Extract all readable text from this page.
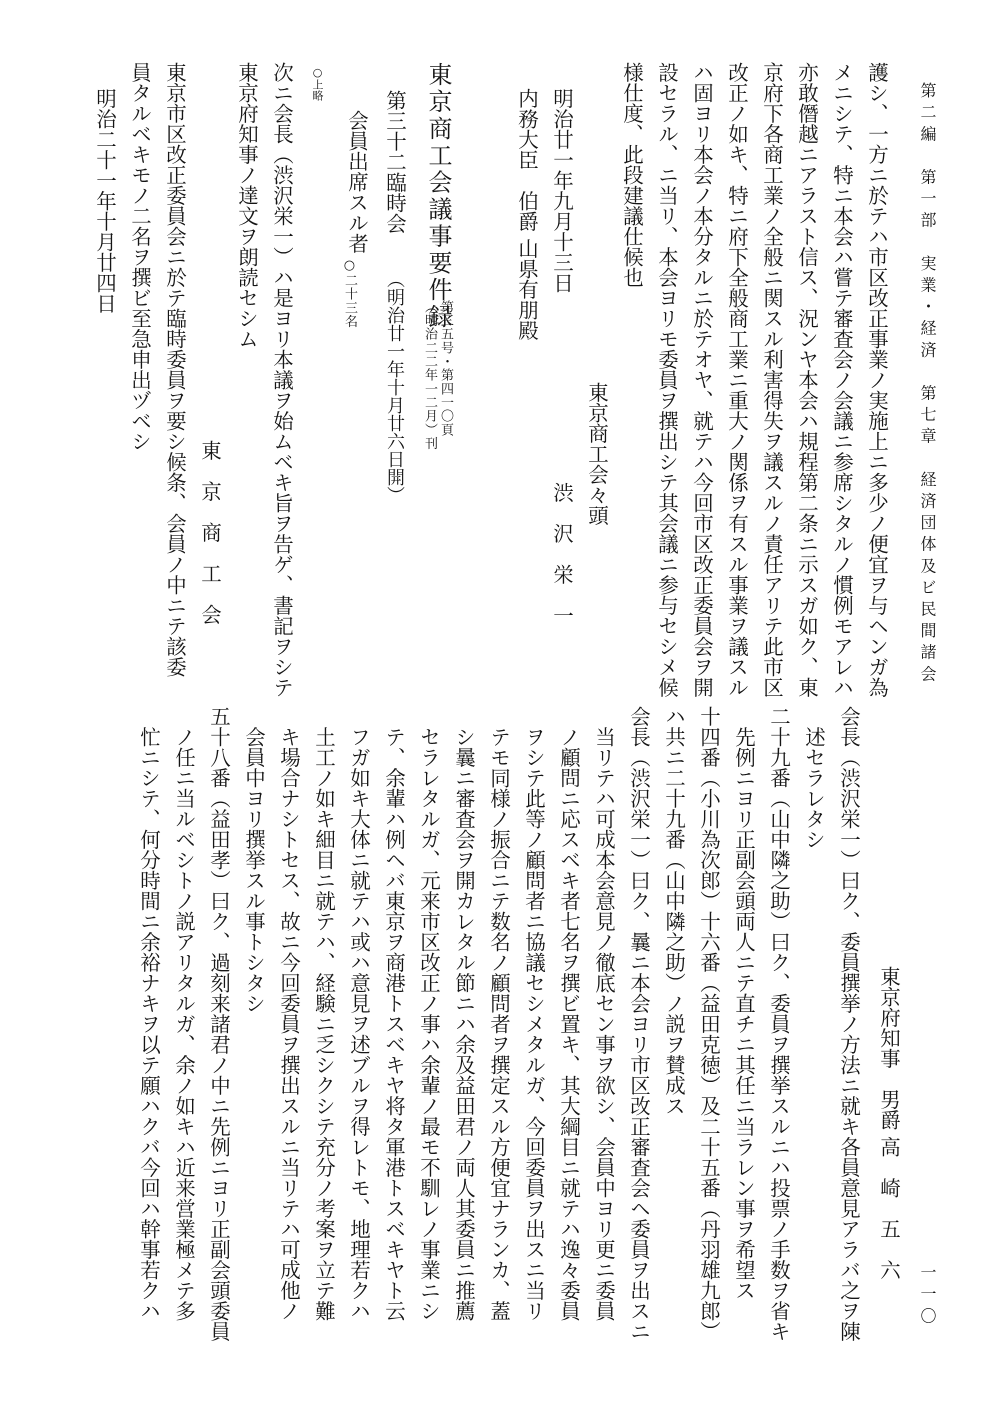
第二編　第一部　実業・経済　第七章　経済団体及ビ民間諸会
一一〇
護シ、一方ニ於テハ市区改正事業ノ実施上ニ多少ノ便宜ヲ与ヘンガ為
メニシテ、特ニ本会ハ嘗テ審査会ノ会議ニ参席シタルノ慣例モアレハ
亦敢僭越ニアラスト信ス、況ンヤ本会ハ規程第二条ニ示スガ如ク、東
京府下各商工業ノ全般ニ関スル利害得失ヲ議スルノ責任アリテ此市区
改正ノ如キ、特ニ府下全般商工業ニ重大ノ関係ヲ有スル事業ヲ議スル
ハ固ヨリ本会ノ本分タルニ於テオヤ、就テハ今回市区改正委員会ヲ開
設セラル、ニ当リ、本会ヨリモ委員ヲ撰出シテ其会議ニ参与セシメ候
様仕度、此段建議仕候也
東京商工会々頭
明治廿一年九月十三日
渋　沢　栄　一
内務大臣　伯爵 山県有朋殿
東京商工会議事要件録
第三五号・第四一〇頁
（明治二二年一二月）刊
第三十二臨時会
（明治廿一年十月廿六日開）
会員出席スル者
○二十三名
○上略
次ニ会長（渋沢栄一）ハ是ヨリ本議ヲ始ムベキ旨ヲ告ゲ、書記ヲシテ
東京府知事ノ達文ヲ朗読セシム
東　京　商　工　会
東京市区改正委員会ニ於テ臨時委員ヲ要シ候条、会員ノ中ニテ該委
員タルベキモノ二名ヲ撰ビ至急申出ヅベシ
明治二十一年十月廿四日
東京府知事　男爵 高　崎　五　六
会長（渋沢栄一）曰ク、委員撰挙ノ方法ニ就キ各員意見アラバ之ヲ陳
　述セラレタシ
二十九番（山中隣之助）曰ク、委員ヲ撰挙スルニハ投票ノ手数ヲ省キ
　先例ニヨリ正副会頭両人ニテ直チニ其任ニ当ラレン事ヲ希望ス
十四番（小川為次郎）十六番（益田克徳）及二十五番（丹羽雄九郎）
ハ共ニ二十九番（山中隣之助）ノ説ヲ賛成ス
会長（渋沢栄一）曰ク、曩ニ本会ヨリ市区改正審査会ヘ委員ヲ出スニ
　当リテハ可成本会意見ノ徹底セン事ヲ欲シ、会員中ヨリ更ニ委員
　ノ顧問ニ応スベキ者七名ヲ撰ビ置キ、其大綱目ニ就テハ逸々委員
　ヲシテ此等ノ顧問者ニ協議セシメタルガ、今回委員ヲ出スニ当リ
　テモ同様ノ振合ニテ数名ノ顧問者ヲ撰定スル方便宜ナランカ、蓋
　シ曩ニ審査会ヲ開カレタル節ニハ余及益田君ノ両人其委員ニ推薦
　セラレタルガ、元来市区改正ノ事ハ余輩ノ最モ不馴レノ事業ニシ
　テ、余輩ハ例ヘバ東京ヲ商港トスベキヤ将タ軍港トスベキヤト云
　フガ如キ大体ニ就テハ或ハ意見ヲ述ブルヲ得レトモ、地理若クハ
　土工ノ如キ細目ニ就テハ、経験ニ乏シクシテ充分ノ考案ヲ立テ難
　キ場合ナシトセス、故ニ今回委員ヲ撰出スルニ当リテハ可成他ノ
　会員中ヨリ撰挙スル事トシタシ
五十八番（益田孝）曰ク、過刻来諸君ノ中ニ先例ニヨリ正副会頭委員
　ノ任ニ当ルベシトノ説アリタルガ、余ノ如キハ近来営業極メテ多
　忙ニシテ、何分時間ニ余裕ナキヲ以テ願ハクバ今回ハ幹事若クハ
